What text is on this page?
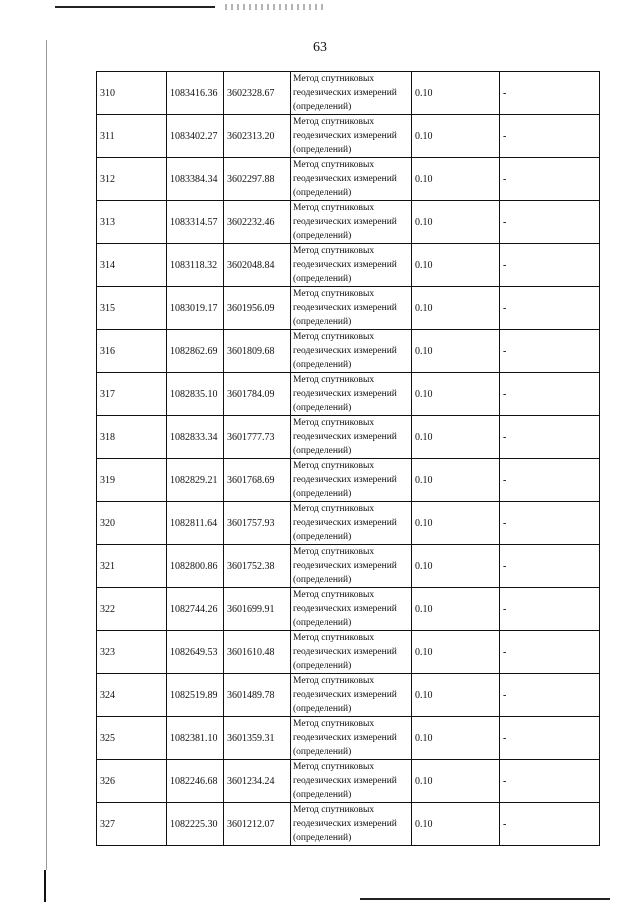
63
310	1083416.36	3602328.67	Метод спутниковых
геодезических измерений
(определений)	0.10	-
311	1083402.27	3602313.20	Метод спутниковых
геодезических измерений
(определений)	0.10	-
312	1083384.34	3602297.88	Метод спутниковых
геодезических измерений
(определений)	0.10	-
313	1083314.57	3602232.46	Метод спутниковых
геодезических измерений
(определений)	0.10	-
314	1083118.32	3602048.84	Метод спутниковых
геодезических измерений
(определений)	0.10	-
315	1083019.17	3601956.09	Метод спутниковых
геодезических измерений
(определений)	0.10	-
316	1082862.69	3601809.68	Метод спутниковых
геодезических измерений
(определений)	0.10	-
317	1082835.10	3601784.09	Метод спутниковых
геодезических измерений
(определений)	0.10	-
318	1082833.34	3601777.73	Метод спутниковых
геодезических измерений
(определений)	0.10	-
319	1082829.21	3601768.69	Метод спутниковых
геодезических измерений
(определений)	0.10	-
320	1082811.64	3601757.93	Метод спутниковых
геодезических измерений
(определений)	0.10	-
321	1082800.86	3601752.38	Метод спутниковых
геодезических измерений
(определений)	0.10	-
322	1082744.26	3601699.91	Метод спутниковых
геодезических измерений
(определений)	0.10	-
323	1082649.53	3601610.48	Метод спутниковых
геодезических измерений
(определений)	0.10	-
324	1082519.89	3601489.78	Метод спутниковых
геодезических измерений
(определений)	0.10	-
325	1082381.10	3601359.31	Метод спутниковых
геодезических измерений
(определений)	0.10	-
326	1082246.68	3601234.24	Метод спутниковых
геодезических измерений
(определений)	0.10	-
327	1082225.30	3601212.07	Метод спутниковых
геодезических измерений
(определений)	0.10	-
